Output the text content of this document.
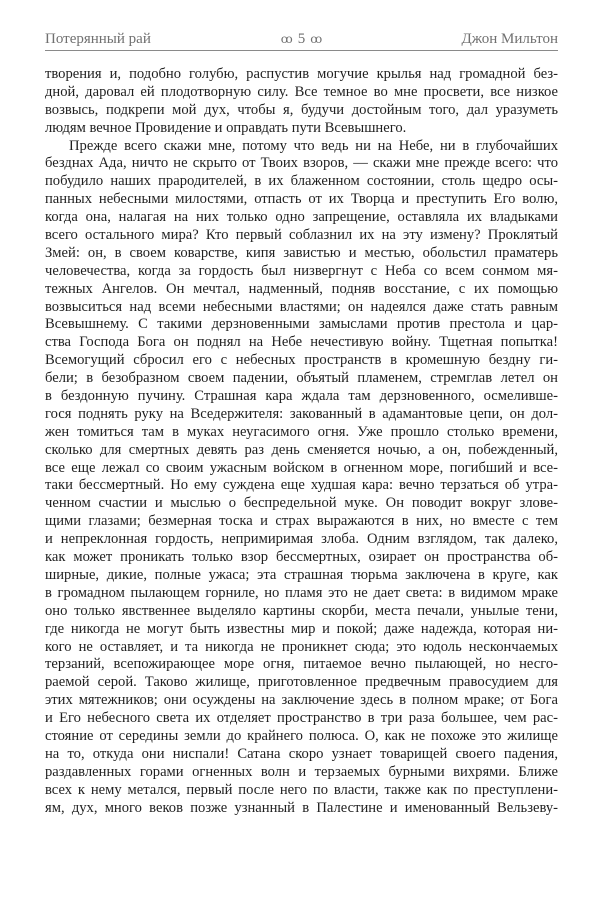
Потерянный рай	ꝏ 5 ꝏ	Джон Мильтон
творения и, подобно голубю, распустив могучие крылья над громадной без-
дной, даровал ей плодотворную силу. Все темное во мне просвети, все низкое
возвысь, подкрепи мой дух, чтобы я, будучи достойным того, дал уразуметь
людям вечное Провидение и оправдать пути Всевышнего.
Прежде всего скажи мне, потому что ведь ни на Небе, ни в глубочайших
безднах Ада, ничто не скрыто от Твоих взоров, — скажи мне прежде всего: что
побудило наших прародителей, в их блаженном состоянии, столь щедро осы-
панных небесными милостями, отпасть от их Творца и преступить Его волю,
когда она, налагая на них только одно запрещение, оставляла их владыками
всего остального мира? Кто первый соблазнил их на эту измену? Проклятый
Змей: он, в своем коварстве, кипя завистью и местью, обольстил праматерь
человечества, когда за гордость был низвергнут с Неба со всем сонмом мя-
тежных Ангелов. Он мечтал, надменный, подняв восстание, с их помощью
возвыситься над всеми небесными властями; он надеялся даже стать равным
Всевышнему. С такими дерзновенными замыслами против престола и цар-
ства Господа Бога он поднял на Небе нечестивую войну. Тщетная попытка!
Всемогущий сбросил его с небесных пространств в кромешную бездну ги-
бели; в безобразном своем падении, объятый пламенем, стремглав летел он
в бездонную пучину. Страшная кара ждала там дерзновенного, осмеливше-
гося поднять руку на Вседержителя: закованный в адамантовые цепи, он дол-
жен томиться там в муках неугасимого огня. Уже прошло столько времени,
сколько для смертных девять раз день сменяется ночью, а он, побежденный,
все еще лежал со своим ужасным войском в огненном море, погибший и все-
таки бессмертный. Но ему суждена еще худшая кара: вечно терзаться об утра-
ченном счастии и мыслью о беспредельной муке. Он поводит вокруг злове-
щими глазами; безмерная тоска и страх выражаются в них, но вместе с тем
и непреклонная гордость, непримиримая злоба. Одним взглядом, так далеко,
как может проникать только взор бессмертных, озирает он пространства об-
ширные, дикие, полные ужаса; эта страшная тюрьма заключена в круге, как
в громадном пылающем горниле, но пламя это не дает света: в видимом мраке
оно только явственнее выделяло картины скорби, места печали, унылые тени,
где никогда не могут быть известны мир и покой; даже надежда, которая ни-
кого не оставляет, и та никогда не проникнет сюда; это юдоль нескончаемых
терзаний, всепожирающее море огня, питаемое вечно пылающей, но несго-
раемой серой. Таково жилище, приготовленное предвечным правосудием для
этих мятежников; они осуждены на заключение здесь в полном мраке; от Бога
и Его небесного света их отделяет пространство в три раза большее, чем рас-
стояние от середины земли до крайнего полюса. О, как не похоже это жилище
на то, откуда они ниспали! Сатана скоро узнает товарищей своего падения,
раздавленных горами огненных волн и терзаемых бурными вихрями. Ближе
всех к нему метался, первый после него по власти, также как по преступлени-
ям, дух, много веков позже узнанный в Палестине и именованный Вельзеву-
